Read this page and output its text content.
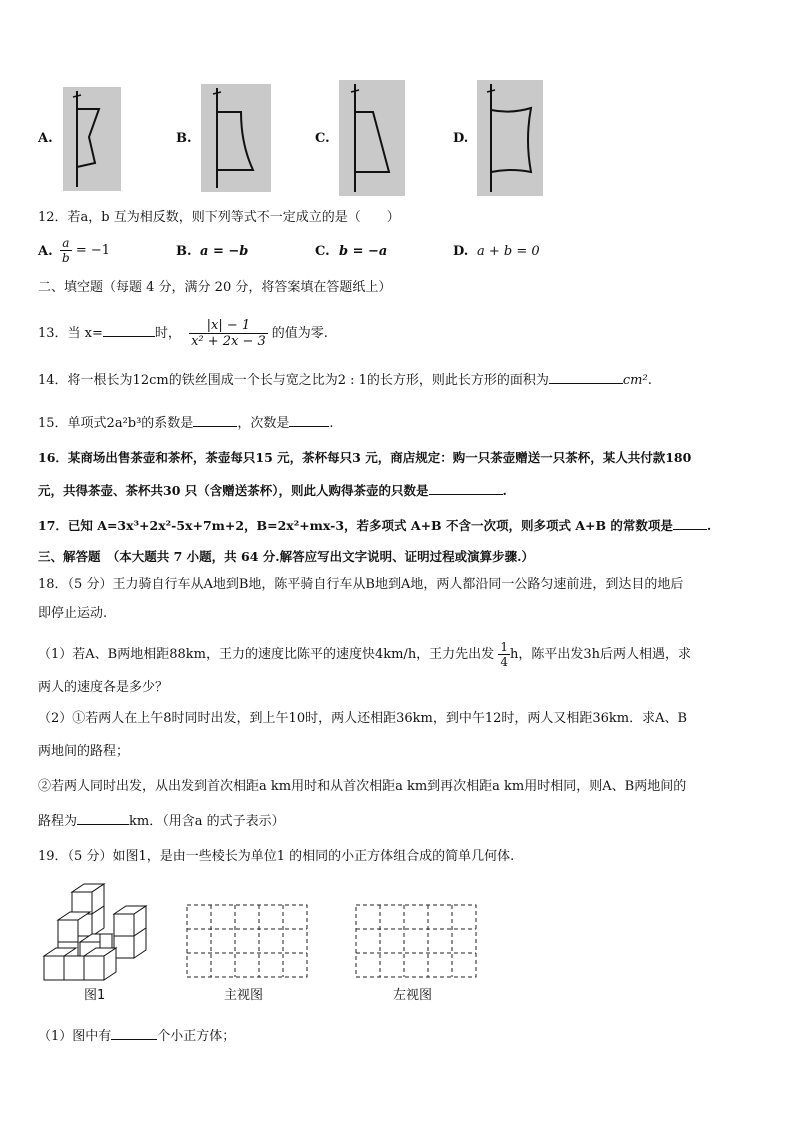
A.	B.	C.	D.
12．若a，b 互为相反数，则下列等式不一定成立的是（　　）
A. $\frac{a}{b} = -1$	B. a = −b	C. b = −a	D. a + b = 0
二、填空题（每题 4 分，满分 20 分，将答案填在答题纸上）
13．当 x=	时， $\frac{|x| - 1}{\text{x² + 2x − 3}}$ 的值为零.
14．将一根长为12cm的铁丝围成一个长与宽之比为2 : 1的长方形，则此长方形的面积为	cm².
15．单项式2a²b³的系数是	，次数是	.
16．某商场出售茶壶和茶杯，茶壶每只15 元，茶杯每只3 元，商店规定：购一只茶壶赠送一只茶杯，某人共付款180
元，共得茶壶、茶杯共30 只（含赠送茶杯），则此人购得茶壶的只数是	.
17．已知 A=3x³+2x²-5x+7m+2，B=2x²+mx-3，若多项式 A+B 不含一次项，则多项式 A+B 的常数项是	.
三、解答题　（本大题共 7 小题，共 64 分.解答应写出文字说明、证明过程或演算步骤.）
18．（5 分）王力骑自行车从A地到B地，陈平骑自行车从B地到A地，两人都沿同一公路匀速前进，到达目的地后
即停止运动.
（1）若A、B两地相距88km，王力的速度比陈平的速度快4km/h，王力先出发 $\frac{1}{4}$ h，陈平出发3h后两人相遇，求
两人的速度各是多少？
（2）①若两人在上午8时同时出发，到上午10时，两人还相距36km，到中午12时，两人又相距36km．求A、B
两地间的路程；
②若两人同时出发，从出发到首次相距a km用时和从首次相距a km到再次相距a km用时相同，则A、B两地间的
路程为	km．（用含a 的式子表示）
19．（5 分）如图1，是由一些棱长为单位1 的相同的小正方体组合成的简单几何体.
图1	主视图	左视图
（1）图中有	个小正方体；
